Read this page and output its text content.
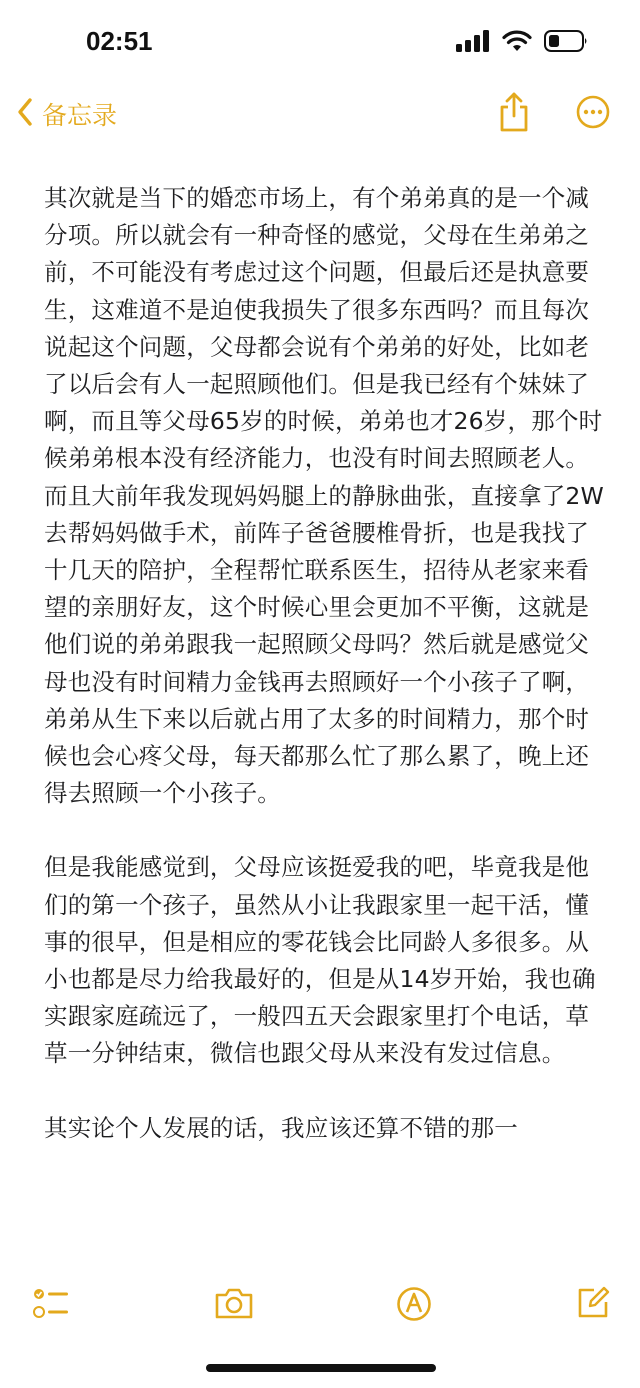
02:51
备忘录

其次就是当下的婚恋市场上，有个弟弟真的是一个减分项。所以就会有一种奇怪的感觉，父母在生弟弟之前，不可能没有考虑过这个问题，但最后还是执意要生，这难道不是迫使我损失了很多东西吗？而且每次说起这个问题，父母都会说有个弟弟的好处，比如老了以后会有人一起照顾他们。但是我已经有个妹妹了啊，而且等父母65岁的时候，弟弟也才26岁，那个时候弟弟根本没有经济能力，也没有时间去照顾老人。而且大前年我发现妈妈腿上的静脉曲张，直接拿了2W去帮妈妈做手术，前阵子爸爸腰椎骨折，也是我找了十几天的陪护，全程帮忙联系医生，招待从老家来看望的亲朋好友，这个时候心里会更加不平衡，这就是他们说的弟弟跟我一起照顾父母吗？然后就是感觉父母也没有时间精力金钱再去照顾好一个小孩子了啊，弟弟从生下来以后就占用了太多的时间精力，那个时候也会心疼父母，每天都那么忙了那么累了，晚上还得去照顾一个小孩子。

但是我能感觉到，父母应该挺爱我的吧，毕竟我是他们的第一个孩子，虽然从小让我跟家里一起干活，懂事的很早，但是相应的零花钱会比同龄人多很多。从小也都是尽力给我最好的，但是从14岁开始，我也确实跟家庭疏远了，一般四五天会跟家里打个电话，草草一分钟结束，微信也跟父母从来没有发过信息。

其实论个人发展的话，我应该还算不错的那一
